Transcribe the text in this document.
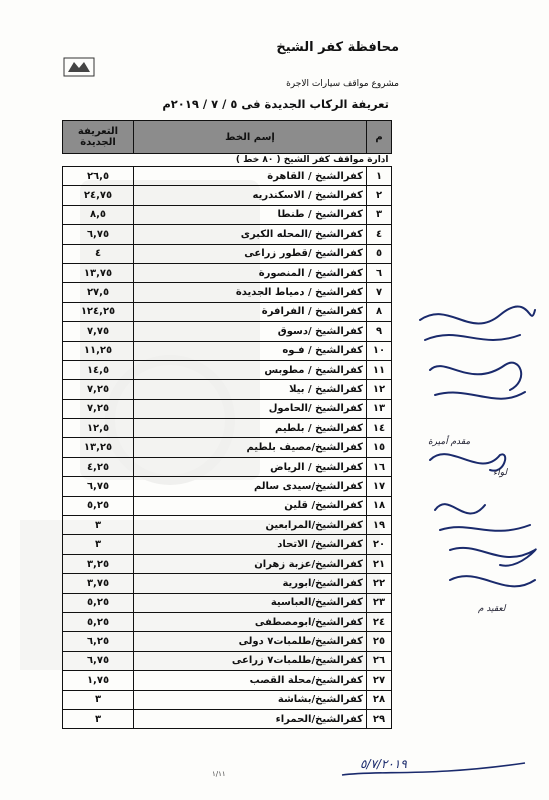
محافظة كفر الشيخ
مشروع مواقف سيارات الاجرة
تعريفة الركاب الجديدة فى ٥ / ٧ / ٢٠١٩م
م	إسم الخط	التعريفة الجديدة
ادارة مواقف كفر الشيخ ( ٨٠ خط )		
١	كفرالشيخ / القاهرة	٢٦,٥
٢	كفرالشيخ / الاسكندريه	٢٤,٧٥
٣	كفرالشيخ / طنطا	٨,٥
٤	كفرالشيخ /المحله الكبرى	٦,٧٥
٥	كفرالشيخ /قطور زراعى	٤
٦	كفرالشيخ / المنصورة	١٣,٧٥
٧	كفرالشيخ / دمياط الجديدة	٢٧,٥
٨	كفرالشيخ / الفرافرة	١٢٤,٢٥
٩	كفرالشيخ /دسوق	٧,٧٥
١٠	كفرالشيخ / فـوه	١١,٢٥
١١	كفرالشيخ / مطوبس	١٤,٥
١٢	كفرالشيخ / بيلا	٧,٢٥
١٣	كفرالشيخ /الحامول	٧,٢٥
١٤	كفرالشيخ / بلطيم	١٢,٥
١٥	كفرالشيخ/مصيف بلطيم	١٣,٢٥
١٦	كفرالشيخ / الرياض	٤,٢٥
١٧	كفرالشيخ/سيدى سالم	٦,٧٥
١٨	كفرالشيخ/ قلين	٥,٢٥
١٩	كفرالشيخ/المرابعين	٣
٢٠	كفرالشيخ/ الاتحاد	٣
٢١	كفرالشيخ/عزبة زهران	٣,٢٥
٢٢	كفرالشيخ/ابورية	٣,٧٥
٢٣	كفرالشيخ/العباسية	٥,٢٥
٢٤	كفرالشيخ/ابومصطفى	٥,٢٥
٢٥	كفرالشيخ/طلمبات٧ دولى	٦,٢٥
٢٦	كفرالشيخ/طلمبات٧ زراعى	٦,٧٥
٢٧	كفرالشيخ/محلة القصب	١,٧٥
٢٨	كفرالشيخ/بشاشة	٣
٢٩	كفرالشيخ/الحمراء	٣
مقدم أميرة
لواء
لعقيد م
٥/٧/٢٠١٩
١/١١
